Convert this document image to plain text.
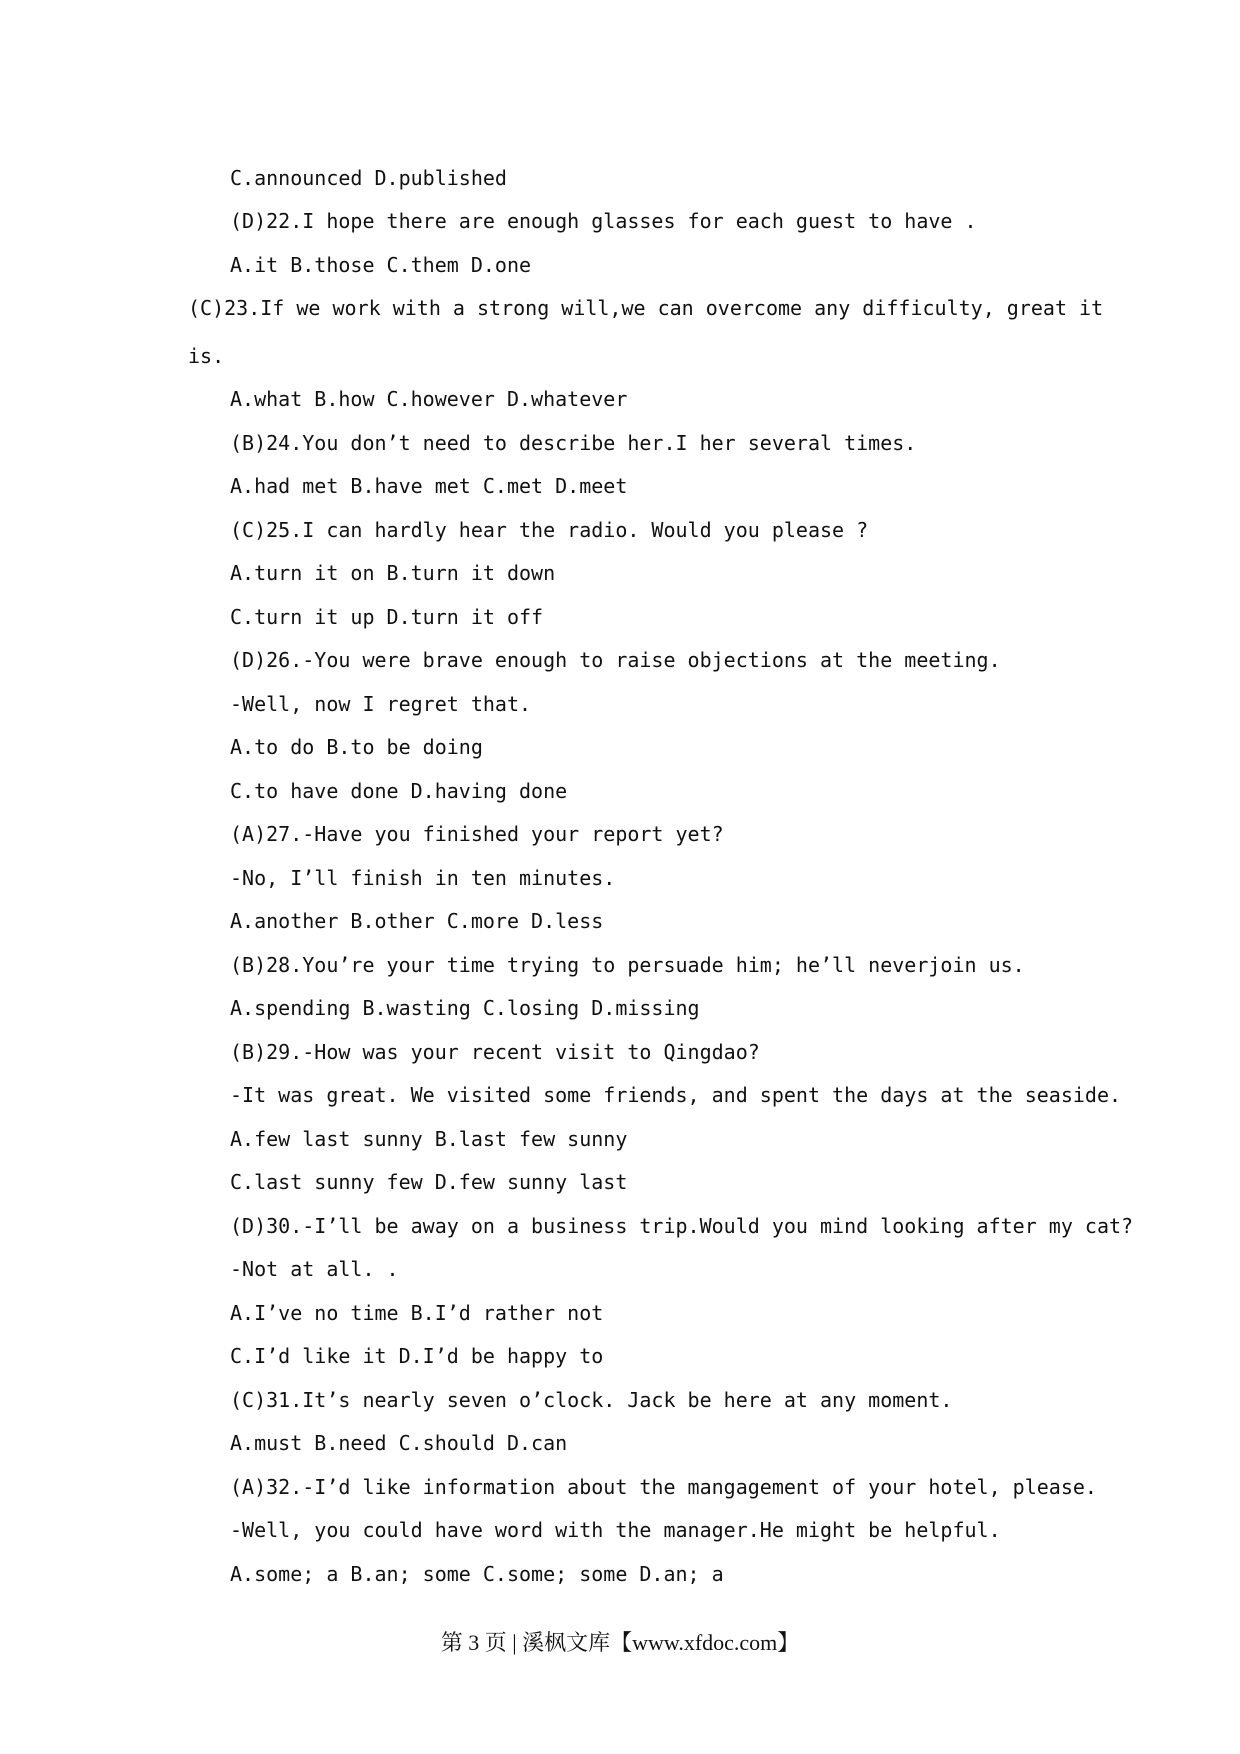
C.announced D.published
(D)22.I hope there are enough glasses for each guest to have .
A.it B.those C.them D.one
(C)23.If we work with a strong will,we can overcome any difficulty, great it
is.
A.what B.how C.however D.whatever
(B)24.You don’t need to describe her.I her several times.
A.had met B.have met C.met D.meet
(C)25.I can hardly hear the radio. Would you please ?
A.turn it on B.turn it down
C.turn it up D.turn it off
(D)26.-You were brave enough to raise objections at the meeting.
-Well, now I regret that.
A.to do B.to be doing
C.to have done D.having done
(A)27.-Have you finished your report yet?
-No, I’ll finish in ten minutes.
A.another B.other C.more D.less
(B)28.You’re your time trying to persuade him; he’ll neverjoin us.
A.spending B.wasting C.losing D.missing
(B)29.-How was your recent visit to Qingdao?
-It was great. We visited some friends, and spent the days at the seaside.
A.few last sunny B.last few sunny
C.last sunny few D.few sunny last
(D)30.-I’ll be away on a business trip.Would you mind looking after my cat?
-Not at all. .
A.I’ve no time B.I’d rather not
C.I’d like it D.I’d be happy to
(C)31.It’s nearly seven o’clock. Jack be here at any moment.
A.must B.need C.should D.can
(A)32.-I’d like information about the mangagement of your hotel, please.
-Well, you could have word with the manager.He might be helpful.
A.some; a B.an; some C.some; some D.an; a
第 3 页 | 溪枫文库【www.xfdoc.com】
